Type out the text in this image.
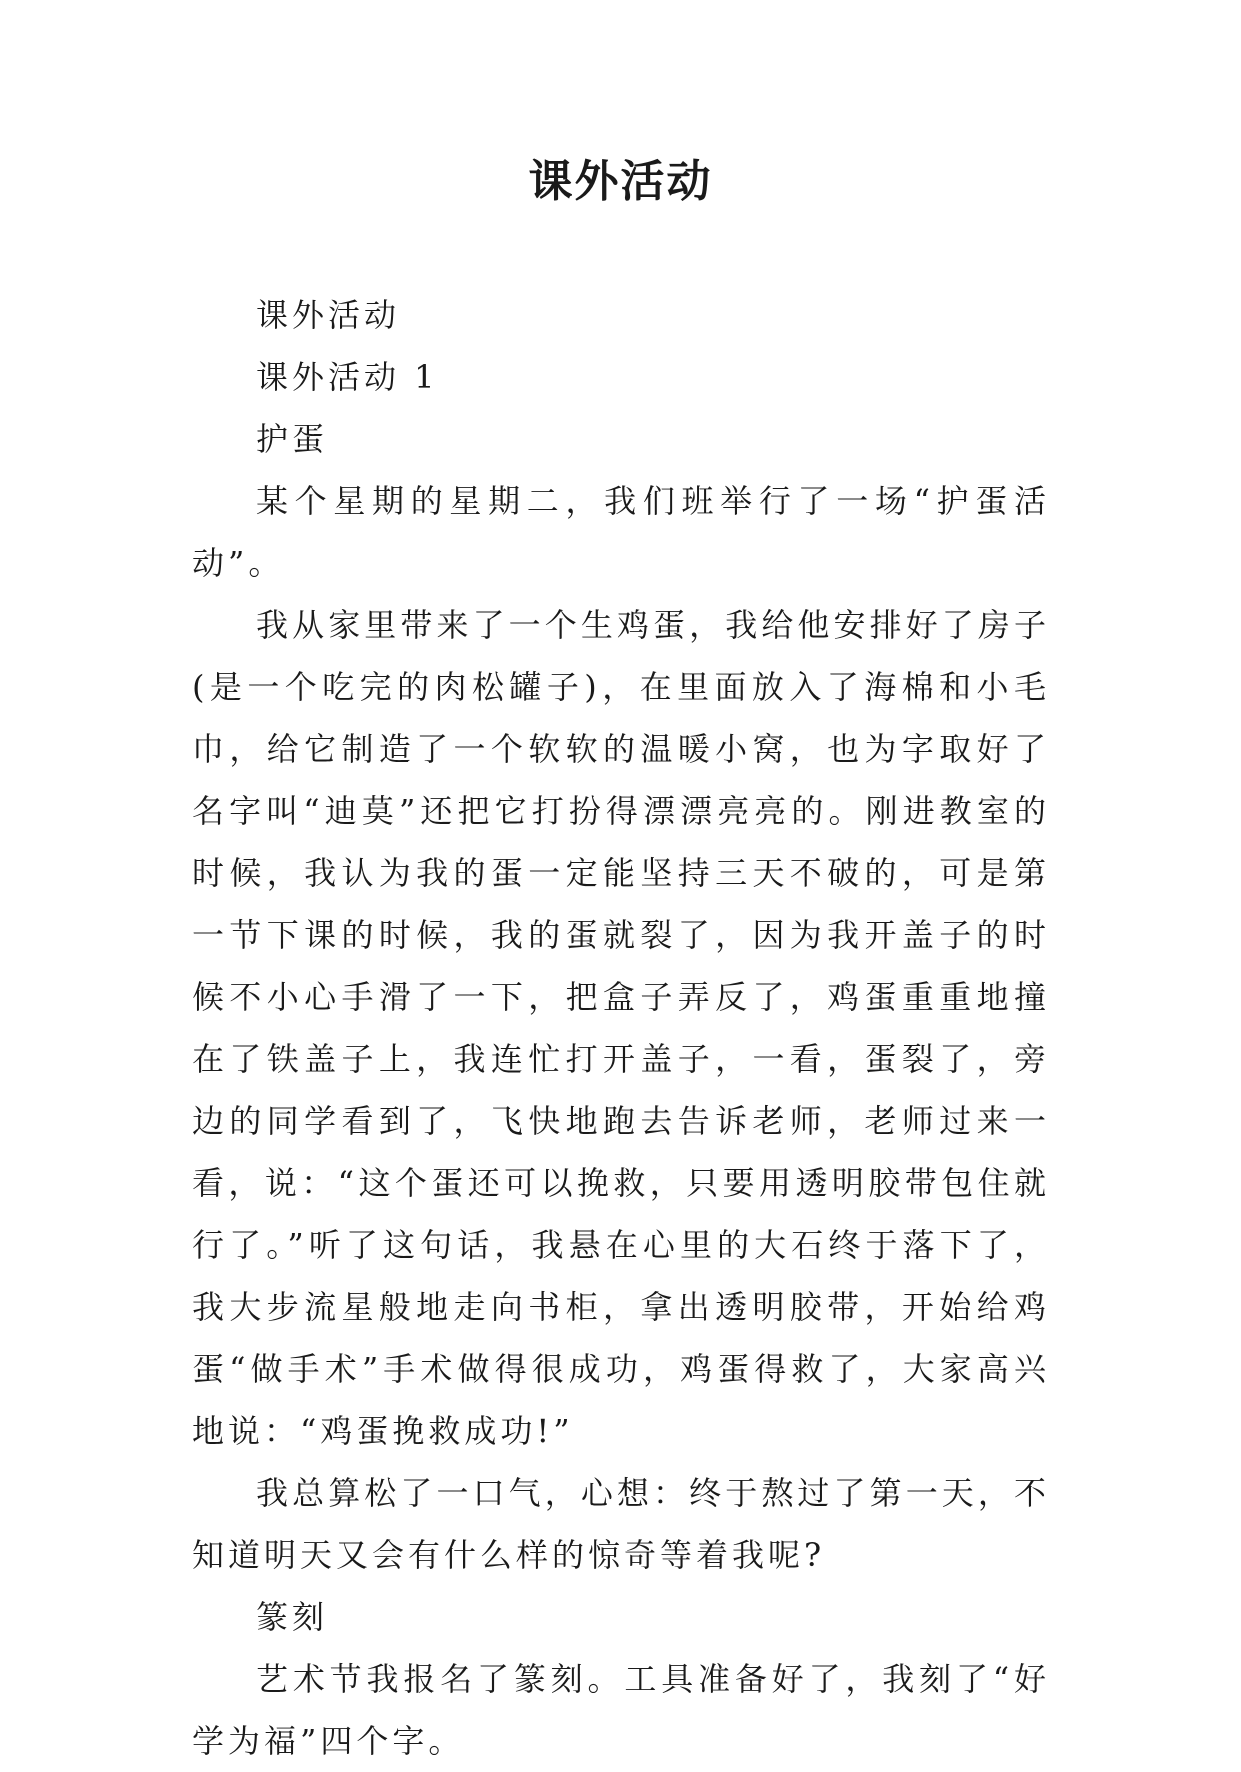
课外活动

课外活动

课外活动 1

护蛋

某个星期的星期二，我们班举行了一场“护蛋活动”。

我从家里带来了一个生鸡蛋，我给他安排好了房子(是一个吃完的肉松罐子)，在里面放入了海棉和小毛巾，给它制造了一个软软的温暖小窝，也为字取好了名字叫“迪莫”还把它打扮得漂漂亮亮的。刚进教室的时候，我认为我的蛋一定能坚持三天不破的，可是第一节下课的时候，我的蛋就裂了，因为我开盖子的时候不小心手滑了一下，把盒子弄反了，鸡蛋重重地撞在了铁盖子上，我连忙打开盖子，一看，蛋裂了，旁边的同学看到了，飞快地跑去告诉老师，老师过来一看，说：“这个蛋还可以挽救，只要用透明胶带包住就行了。”听了这句话，我悬在心里的大石终于落下了，我大步流星般地走向书柜，拿出透明胶带，开始给鸡蛋“做手术”手术做得很成功，鸡蛋得救了，大家高兴地说：“鸡蛋挽救成功!”

我总算松了一口气，心想：终于熬过了第一天，不知道明天又会有什么样的惊奇等着我呢?

篆刻

艺术节我报名了篆刻。工具准备好了，我刻了“好学为福”四个字。
